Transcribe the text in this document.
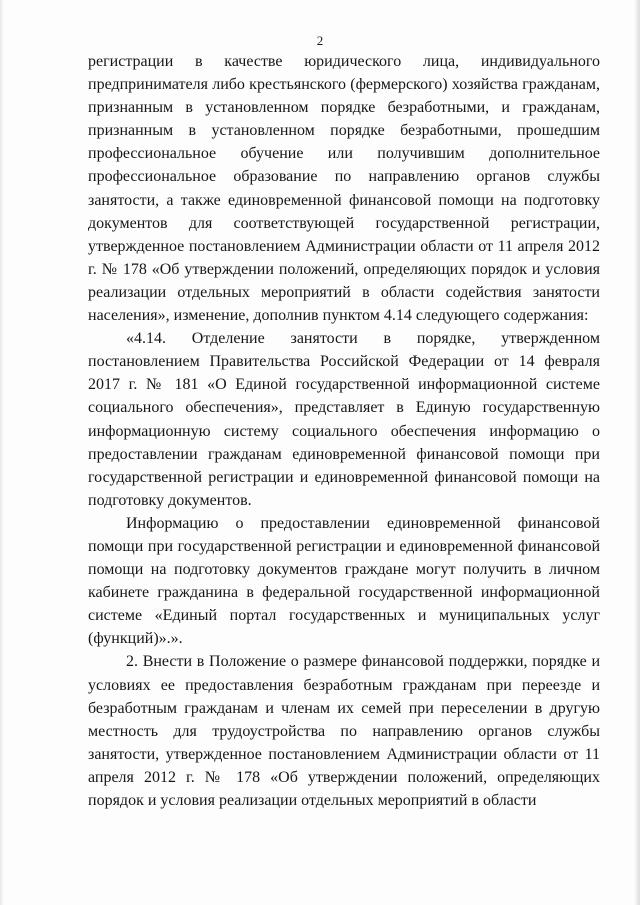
2

регистрации в качестве юридического лица, индивидуального предпринимателя либо крестьянского (фермерского) хозяйства гражданам, признанным в установленном порядке безработными, и гражданам, признанным в установленном порядке безработными, прошедшим профессиональное обучение или получившим дополнительное профессиональное образование по направлению органов службы занятости, а также единовременной финансовой помощи на подготовку документов для соответствующей государственной регистрации, утвержденное постановлением Администрации области от 11 апреля 2012 г. № 178 «Об утверждении положений, определяющих порядок и условия реализации отдельных мероприятий в области содействия занятости населения», изменение, дополнив пунктом 4.14 следующего содержания:

«4.14. Отделение занятости в порядке, утвержденном постановлением Правительства Российской Федерации от 14 февраля 2017 г. № 181 «О Единой государственной информационной системе социального обеспечения», представляет в Единую государственную информационную систему социального обеспечения информацию о предоставлении гражданам единовременной финансовой помощи при государственной регистрации и единовременной финансовой помощи на подготовку документов.

Информацию о предоставлении единовременной финансовой помощи при государственной регистрации и единовременной финансовой помощи на подготовку документов граждане могут получить в личном кабинете гражданина в федеральной государственной информационной системе «Единый портал государственных и муниципальных услуг (функций)».».

2. Внести в Положение о размере финансовой поддержки, порядке и условиях ее предоставления безработным гражданам при переезде и безработным гражданам и членам их семей при переселении в другую местность для трудоустройства по направлению органов службы занятости, утвержденное постановлением Администрации области от 11 апреля 2012 г. № 178 «Об утверждении положений, определяющих порядок и условия реализации отдельных мероприятий в области
